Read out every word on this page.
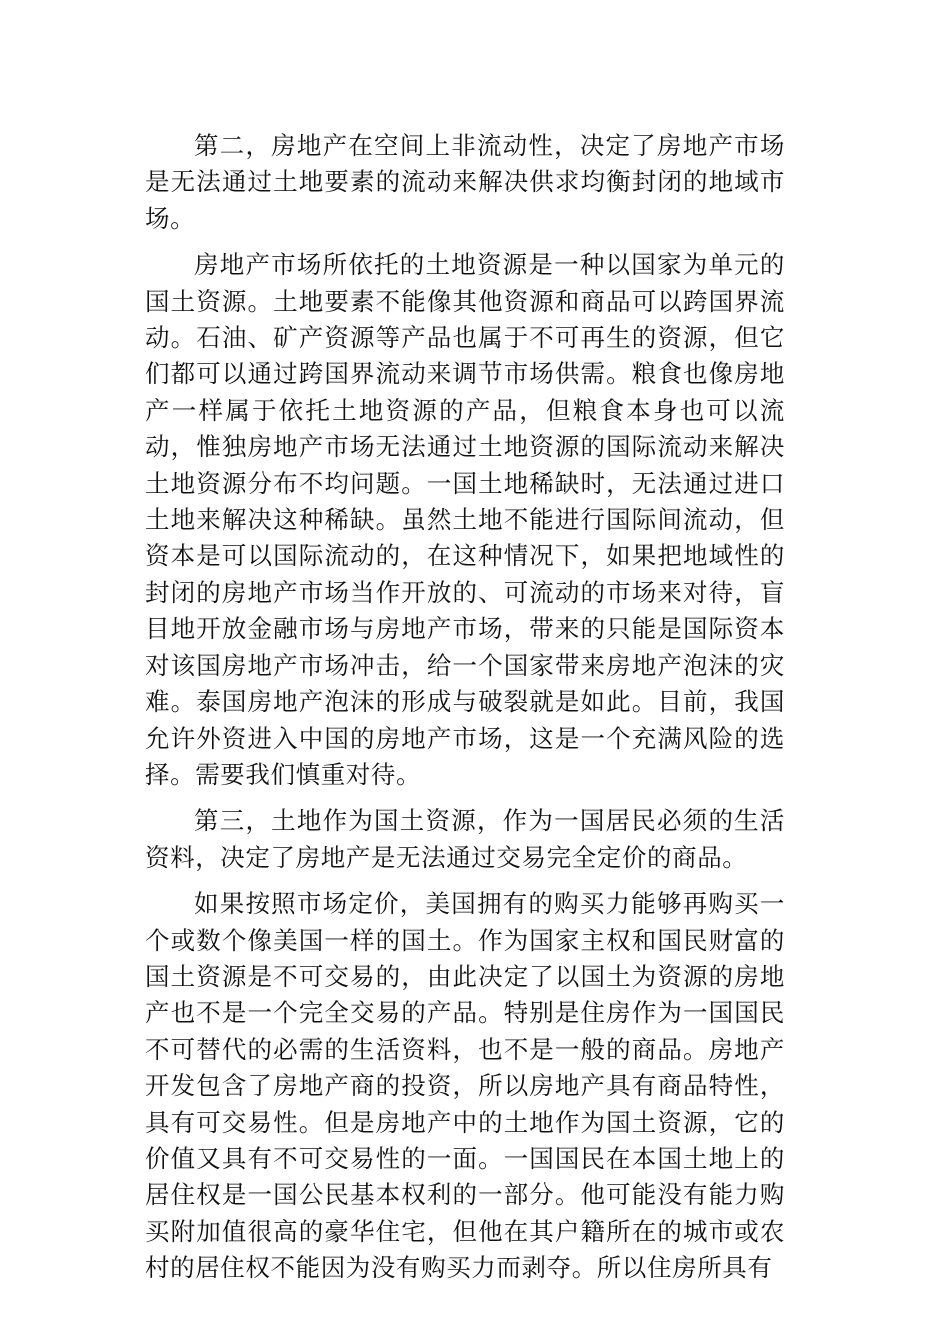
第二，房地产在空间上非流动性，决定了房地产市场是无法通过土地要素的流动来解决供求均衡封闭的地域市场。

房地产市场所依托的土地资源是一种以国家为单元的国土资源。土地要素不能像其他资源和商品可以跨国界流动。石油、矿产资源等产品也属于不可再生的资源，但它们都可以通过跨国界流动来调节市场供需。粮食也像房地产一样属于依托土地资源的产品，但粮食本身也可以流动，惟独房地产市场无法通过土地资源的国际流动来解决土地资源分布不均问题。一国土地稀缺时，无法通过进口土地来解决这种稀缺。虽然土地不能进行国际间流动，但资本是可以国际流动的，在这种情况下，如果把地域性的封闭的房地产市场当作开放的、可流动的市场来对待，盲目地开放金融市场与房地产市场，带来的只能是国际资本对该国房地产市场冲击，给一个国家带来房地产泡沫的灾难。泰国房地产泡沫的形成与破裂就是如此。目前，我国允许外资进入中国的房地产市场，这是一个充满风险的选择。需要我们慎重对待。

第三，土地作为国土资源，作为一国居民必须的生活资料，决定了房地产是无法通过交易完全定价的商品。

如果按照市场定价，美国拥有的购买力能够再购买一个或数个像美国一样的国土。作为国家主权和国民财富的国土资源是不可交易的，由此决定了以国土为资源的房地产也不是一个完全交易的产品。特别是住房作为一国国民不可替代的必需的生活资料，也不是一般的商品。房地产开发包含了房地产商的投资，所以房地产具有商品特性，具有可交易性。但是房地产中的土地作为国土资源，它的价值又具有不可交易性的一面。一国国民在本国土地上的居住权是一国公民基本权利的一部分。他可能没有能力购买附加值很高的豪华住宅，但他在其户籍所在的城市或农村的居住权不能因为没有购买力而剥夺。所以住房所具有
